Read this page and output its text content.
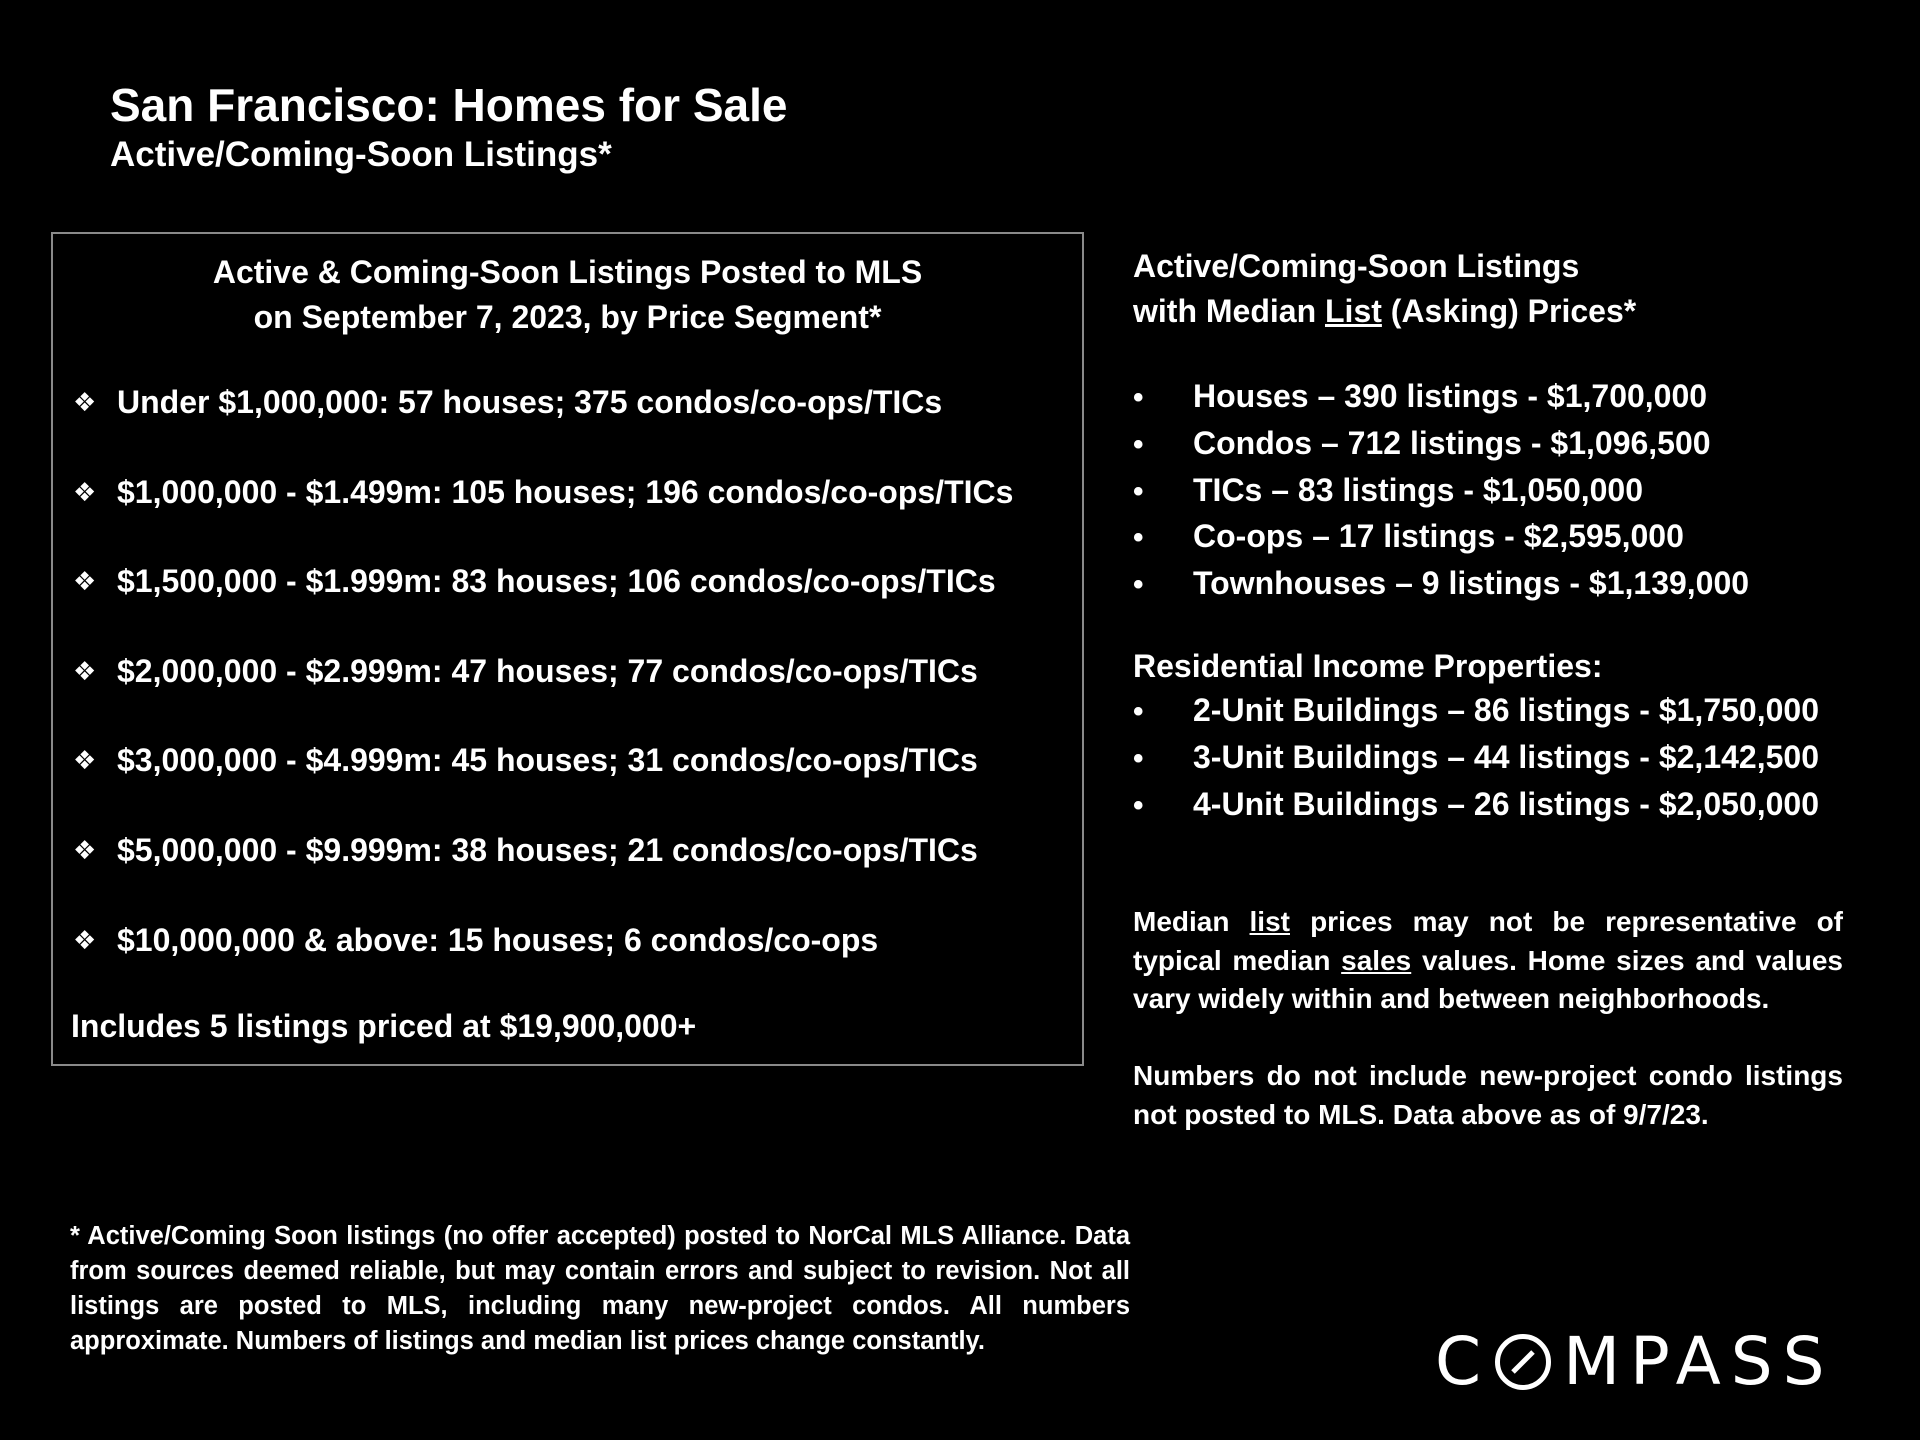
San Francisco: Homes for Sale
Active/Coming-Soon Listings*
Active & Coming-Soon Listings Posted to MLS
on September 7, 2023, by Price Segment*
❖ Under $1,000,000: 57 houses; 375 condos/co-ops/TICs
❖ $1,000,000 - $1.499m: 105 houses; 196 condos/co-ops/TICs
❖ $1,500,000 - $1.999m: 83 houses; 106 condos/co-ops/TICs
❖ $2,000,000 - $2.999m: 47 houses; 77 condos/co-ops/TICs
❖ $3,000,000 - $4.999m: 45 houses; 31 condos/co-ops/TICs
❖ $5,000,000 - $9.999m: 38 houses; 21 condos/co-ops/TICs
❖ $10,000,000 & above: 15 houses; 6 condos/co-ops
Includes 5 listings priced at $19,900,000+
Active/Coming-Soon Listings
with Median List (Asking) Prices*
• Houses – 390 listings - $1,700,000
• Condos – 712 listings - $1,096,500
• TICs – 83 listings - $1,050,000
• Co-ops – 17 listings - $2,595,000
• Townhouses – 9 listings - $1,139,000
Residential Income Properties:
• 2-Unit Buildings – 86 listings - $1,750,000
• 3-Unit Buildings – 44 listings - $2,142,500
• 4-Unit Buildings – 26 listings - $2,050,000
Median list prices may not be representative of typical median sales values. Home sizes and values vary widely within and between neighborhoods.
Numbers do not include new-project condo listings not posted to MLS. Data above as of 9/7/23.
* Active/Coming Soon listings (no offer accepted) posted to NorCal MLS Alliance. Data from sources deemed reliable, but may contain errors and subject to revision. Not all listings are posted to MLS, including many new-project condos. All numbers approximate. Numbers of listings and median list prices change constantly.	C MPASS
